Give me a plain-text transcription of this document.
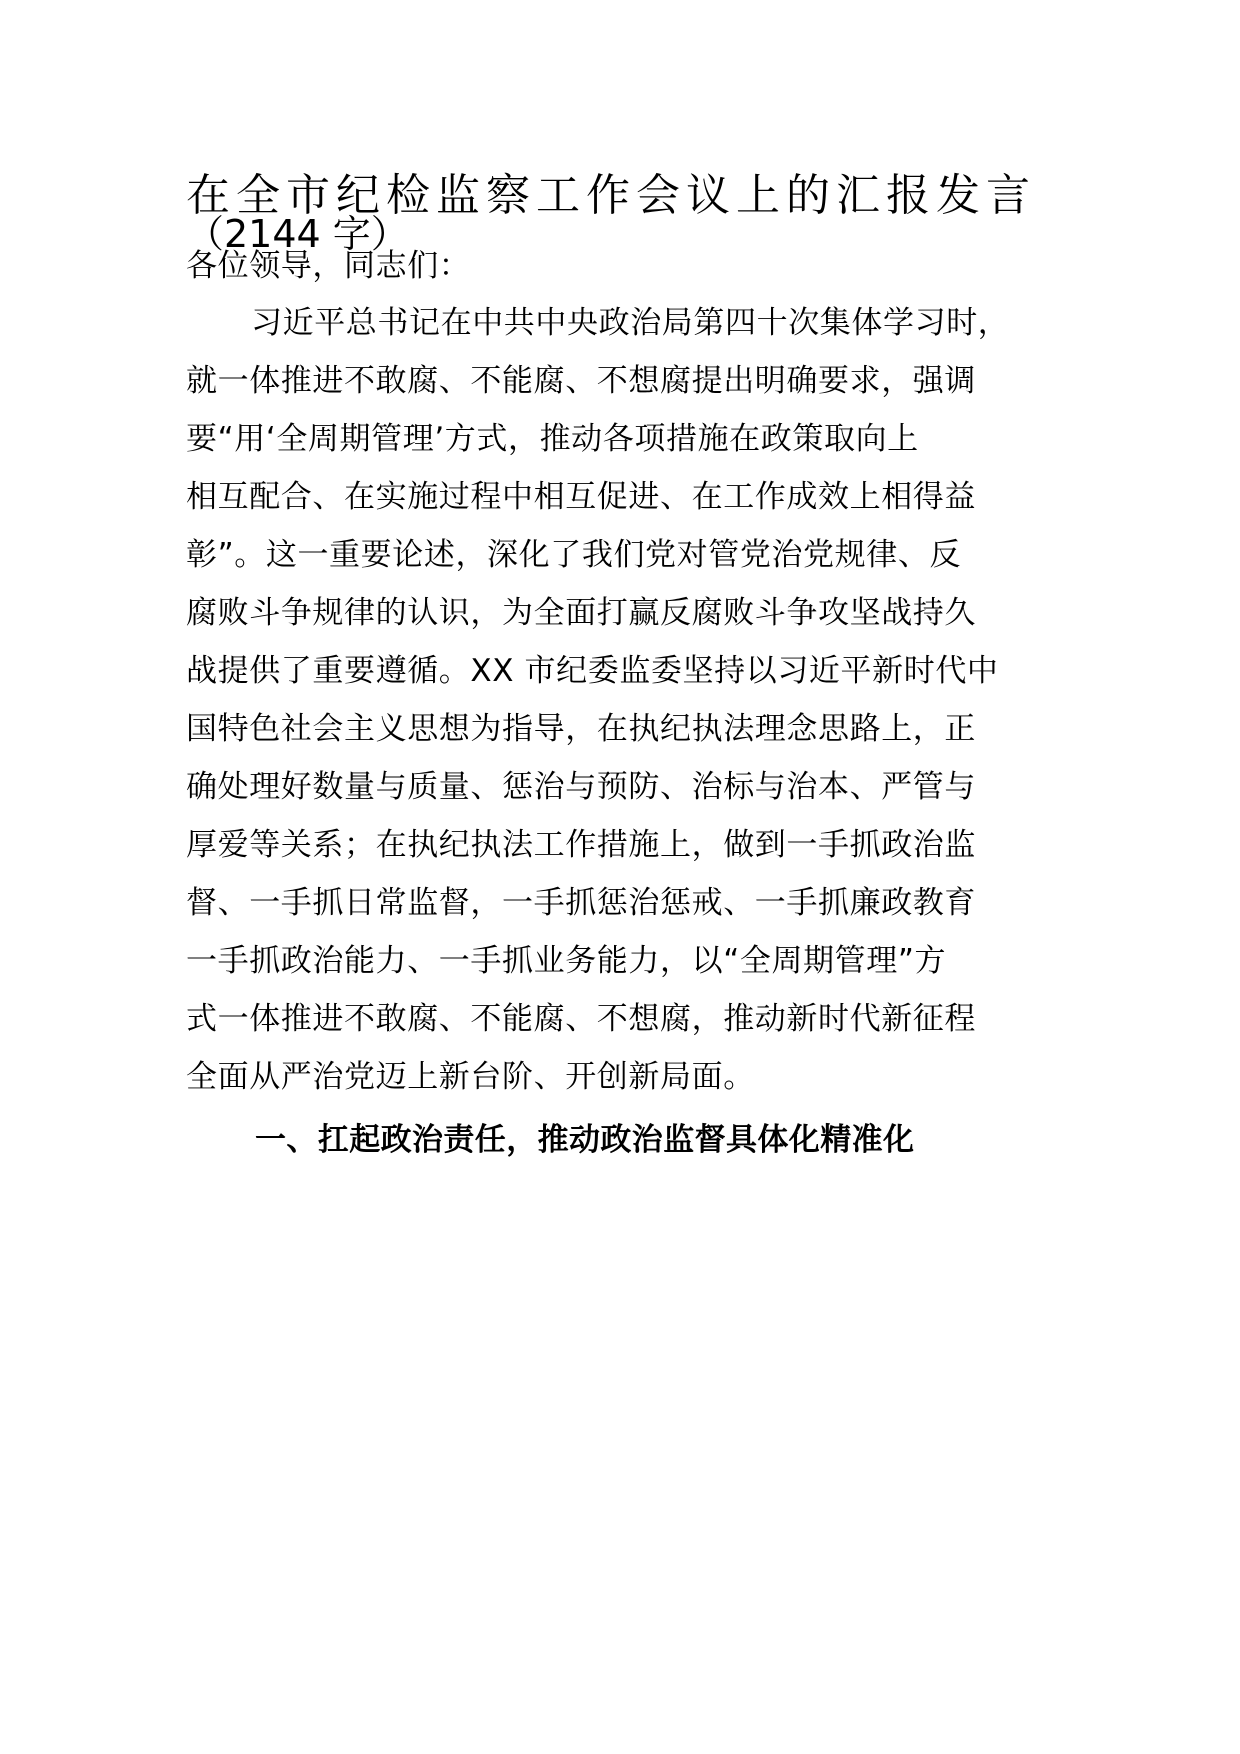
在全市纪检监察工作会议上的汇报发言
（2144 字）
各位领导，同志们：
习近平总书记在中共中央政治局第四十次集体学习时，
就一体推进不敢腐、不能腐、不想腐提出明确要求，强调
要“用‘全周期管理’方式，推动各项措施在政策取向上
相互配合、在实施过程中相互促进、在工作成效上相得益
彰”。这一重要论述，深化了我们党对管党治党规律、反
腐败斗争规律的认识，为全面打赢反腐败斗争攻坚战持久
战提供了重要遵循。XX 市纪委监委坚持以习近平新时代中
国特色社会主义思想为指导，在执纪执法理念思路上，正
确处理好数量与质量、惩治与预防、治标与治本、严管与
厚爱等关系；在执纪执法工作措施上，做到一手抓政治监
督、一手抓日常监督，一手抓惩治惩戒、一手抓廉政教育
一手抓政治能力、一手抓业务能力，以“全周期管理”方
式一体推进不敢腐、不能腐、不想腐，推动新时代新征程
全面从严治党迈上新台阶、开创新局面。
一、扛起政治责任，推动政治监督具体化精准化
